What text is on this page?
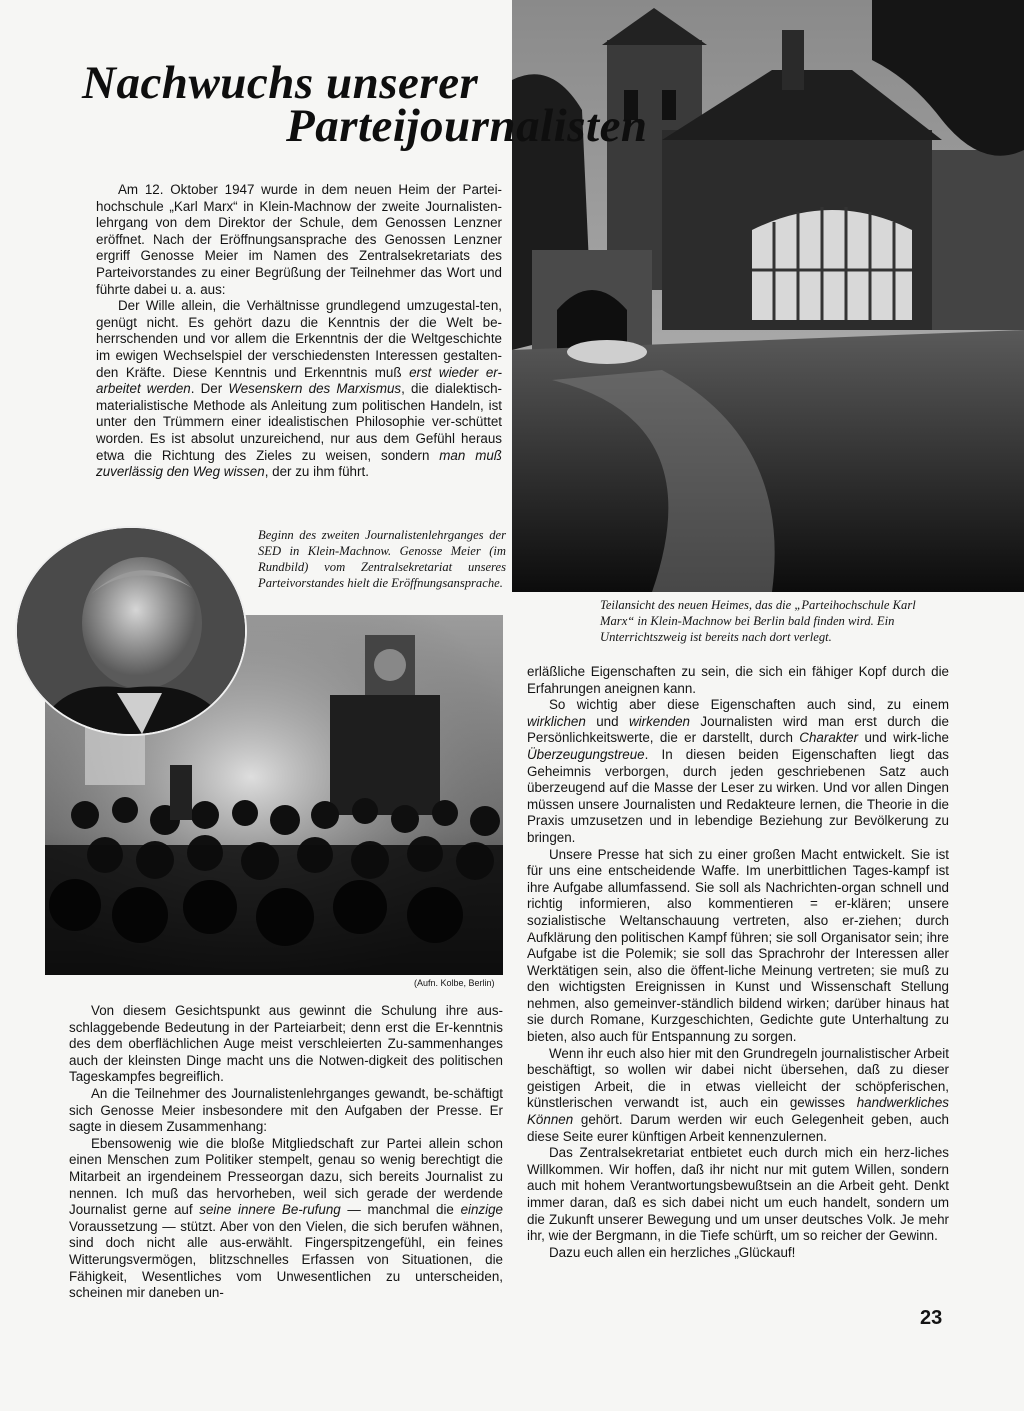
Nachwuchs unserer
Parteijournalisten

Am 12. Oktober 1947 wurde in dem neuen Heim der Partei-hochschule „Karl Marx“ in Klein-Machnow der zweite Journalisten-lehrgang von dem Direktor der Schule, dem Genossen Lenzner eröffnet. Nach der Eröffnungsansprache des Genossen Lenzner ergriff Genosse Meier im Namen des Zentralsekretariats des Parteivorstandes zu einer Begrüßung der Teilnehmer das Wort und führte dabei u. a. aus:

Der Wille allein, die Verhältnisse grundlegend umzugestal-ten, genügt nicht. Es gehört dazu die Kenntnis der die Welt be-herrschenden und vor allem die Erkenntnis der die Weltgeschichte im ewigen Wechselspiel der verschiedensten Interessen gestalten-den Kräfte. Diese Kenntnis und Erkenntnis muß erst wieder er-arbeitet werden. Der Wesenskern des Marxismus, die dialektisch-materialistische Methode als Anleitung zum politischen Handeln, ist unter den Trümmern einer idealistischen Philosophie ver-schüttet worden. Es ist absolut unzureichend, nur aus dem Gefühl heraus etwa die Richtung des Zieles zu weisen, sondern man muß zuverlässig den Weg wissen, der zu ihm führt.

Beginn des zweiten Journalistenlehrganges der SED in Klein-Machnow. Genosse Meier (im Rundbild) vom Zentralsekretariat unseres Parteivorstandes hielt die Eröffnungsansprache.
Teilansicht des neuen Heimes, das die „Parteihochschule Karl Marx“ in Klein-Machnow bei Berlin bald finden wird. Ein Unterrichtszweig ist bereits nach dort verlegt.
(Aufn. Kolbe, Berlin)

Von diesem Gesichtspunkt aus gewinnt die Schulung ihre aus-schlaggebende Bedeutung in der Parteiarbeit; denn erst die Er-kenntnis des dem oberflächlichen Auge meist verschleierten Zu-sammenhanges auch der kleinsten Dinge macht uns die Notwen-digkeit des politischen Tageskampfes begreiflich.

An die Teilnehmer des Journalistenlehrganges gewandt, be-schäftigt sich Genosse Meier insbesondere mit den Aufgaben der Presse. Er sagte in diesem Zusammenhang:

Ebensowenig wie die bloße Mitgliedschaft zur Partei allein schon einen Menschen zum Politiker stempelt, genau so wenig berechtigt die Mitarbeit an irgendeinem Presseorgan dazu, sich bereits Journalist zu nennen. Ich muß das hervorheben, weil sich gerade der werdende Journalist gerne auf seine innere Be-rufung — manchmal die einzige Voraussetzung — stützt. Aber von den Vielen, die sich berufen wähnen, sind doch nicht alle aus-erwählt. Fingerspitzengefühl, ein feines Witterungsvermögen, blitzschnelles Erfassen von Situationen, die Fähigkeit, Wesentliches vom Unwesentlichen zu unterscheiden, scheinen mir daneben un-

erläßliche Eigenschaften zu sein, die sich ein fähiger Kopf durch die Erfahrungen aneignen kann.

So wichtig aber diese Eigenschaften auch sind, zu einem wirklichen und wirkenden Journalisten wird man erst durch die Persönlichkeitswerte, die er darstellt, durch Charakter und wirk-liche Überzeugungstreue. In diesen beiden Eigenschaften liegt das Geheimnis verborgen, durch jeden geschriebenen Satz auch überzeugend auf die Masse der Leser zu wirken. Und vor allen Dingen müssen unsere Journalisten und Redakteure lernen, die Theorie in die Praxis umzusetzen und in lebendige Beziehung zur Bevölkerung zu bringen.

Unsere Presse hat sich zu einer großen Macht entwickelt. Sie ist für uns eine entscheidende Waffe. Im unerbittlichen Tages-kampf ist ihre Aufgabe allumfassend. Sie soll als Nachrichten-organ schnell und richtig informieren, also kommentieren = er-klären; unsere sozialistische Weltanschauung vertreten, also er-ziehen; durch Aufklärung den politischen Kampf führen; sie soll Organisator sein; ihre Aufgabe ist die Polemik; sie soll das Sprachrohr der Interessen aller Werktätigen sein, also die öffent-liche Meinung vertreten; sie muß zu den wichtigsten Ereignissen in Kunst und Wissenschaft Stellung nehmen, also gemeinver-ständlich bildend wirken; darüber hinaus hat sie durch Romane, Kurzgeschichten, Gedichte gute Unterhaltung zu bieten, also auch für Entspannung zu sorgen.

Wenn ihr euch also hier mit den Grundregeln journalistischer Arbeit beschäftigt, so wollen wir dabei nicht übersehen, daß zu dieser geistigen Arbeit, die in etwas vielleicht der schöpferischen, künstlerischen verwandt ist, auch ein gewisses handwerkliches Können gehört. Darum werden wir euch Gelegenheit geben, auch diese Seite eurer künftigen Arbeit kennenzulernen.

Das Zentralsekretariat entbietet euch durch mich ein herz-liches Willkommen. Wir hoffen, daß ihr nicht nur mit gutem Willen, sondern auch mit hohem Verantwortungsbewußtsein an die Arbeit geht. Denkt immer daran, daß es sich dabei nicht um euch handelt, sondern um die Zukunft unserer Bewegung und um unser deutsches Volk. Je mehr ihr, wie der Bergmann, in die Tiefe schürft, um so reicher der Gewinn.

Dazu euch allen ein herzliches „Glückauf!

23
